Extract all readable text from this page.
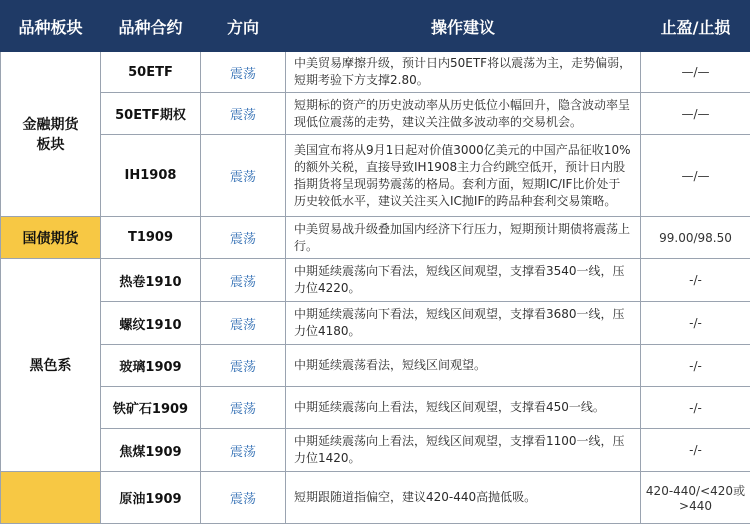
品种板块	品种合约	方向	操作建议	止盈/止损
金融期货
板块	50ETF	震荡	中美贸易摩擦升级，预计日内50ETF将以震荡为主，走势偏弱，短期考验下方支撑2.80。	—/—
	50ETF期权	震荡	短期标的资产的历史波动率从历史低位小幅回升，隐含波动率呈现低位震荡的走势，建议关注做多波动率的交易机会。	—/—
	IH1908	震荡	美国宣布将从9月1日起对价值3000亿美元的中国产品征收10%的额外关税，直接导致IH1908主力合约跳空低开，预计日内股指期货将呈现弱势震荡的格局。套利方面，短期IC/IF比价处于历史较低水平，建议关注买入IC抛IF的跨品种套利交易策略。	—/—
国债期货	T1909	震荡	中美贸易战升级叠加国内经济下行压力，短期预计期债将震荡上行。	99.00/98.50
黑色系	热卷1910	震荡	中期延续震荡向下看法，短线区间观望，支撑看3540一线，压力位4220。	-/-
	螺纹1910	震荡	中期延续震荡向下看法，短线区间观望，支撑看3680一线，压力位4180。	-/-
	玻璃1909	震荡	中期延续震荡看法，短线区间观望。	-/-
	铁矿石1909	震荡	中期延续震荡向上看法，短线区间观望，支撑看450一线。	-/-
	焦煤1909	震荡	中期延续震荡向上看法，短线区间观望，支撑看1100一线，压力位1420。	-/-
	原油1909	震荡	短期跟随道指偏空，建议420-440高抛低吸。	420-440/<420或>440
